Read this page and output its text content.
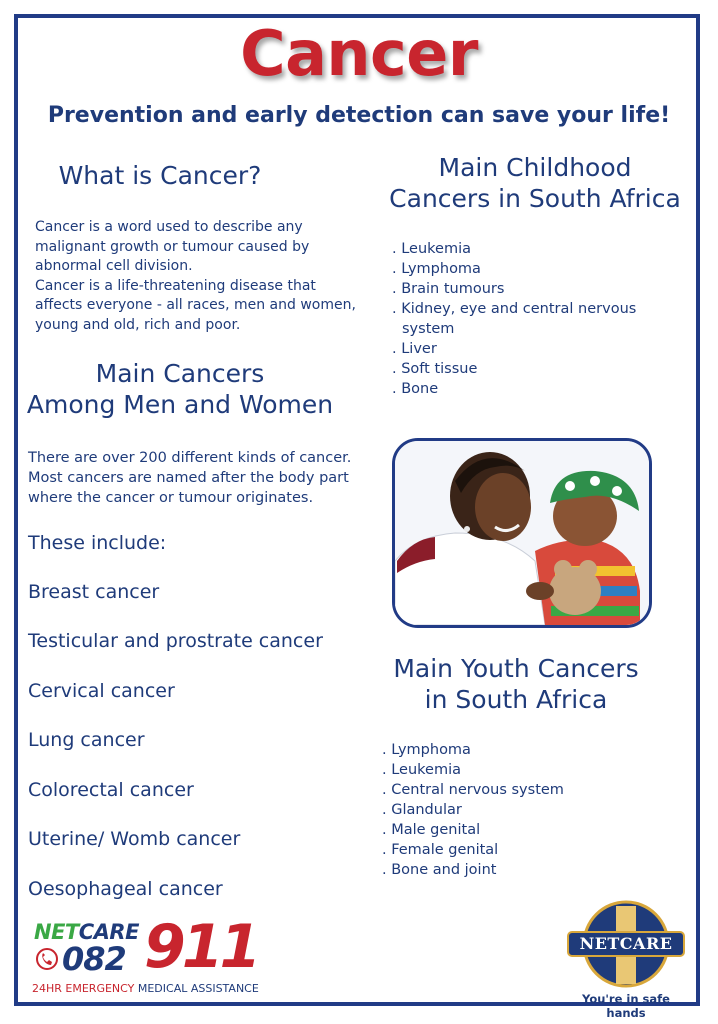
Cancer
Prevention and early detection can save your life!
What is Cancer?
Cancer is a word used to describe any
malignant growth or tumour caused by
abnormal cell division.
Cancer is a life-threatening disease that
affects everyone - all races, men and women,
young and old, rich and poor.
Main Cancers
Among Men and Women
There are over 200 different kinds of cancer.
Most cancers are named after the body part
where the cancer or tumour originates.
These include:
Breast cancer
Testicular and prostrate cancer
Cervical cancer
Lung cancer
Colorectal cancer
Uterine/ Womb cancer
Oesophageal cancer
Main Childhood
Cancers in South Africa
. Leukemia
. Lymphoma
. Brain tumours
. Kidney, eye and central nervous
system
. Liver
. Soft tissue
. Bone
Main Youth Cancers
in South Africa
. Lymphoma
. Leukemia
. Central nervous system
. Glandular
. Male genital
. Female genital
. Bone and joint
NETCARE
082 911
24HR EMERGENCY MEDICAL ASSISTANCE
NETCARE
You're in safe hands
